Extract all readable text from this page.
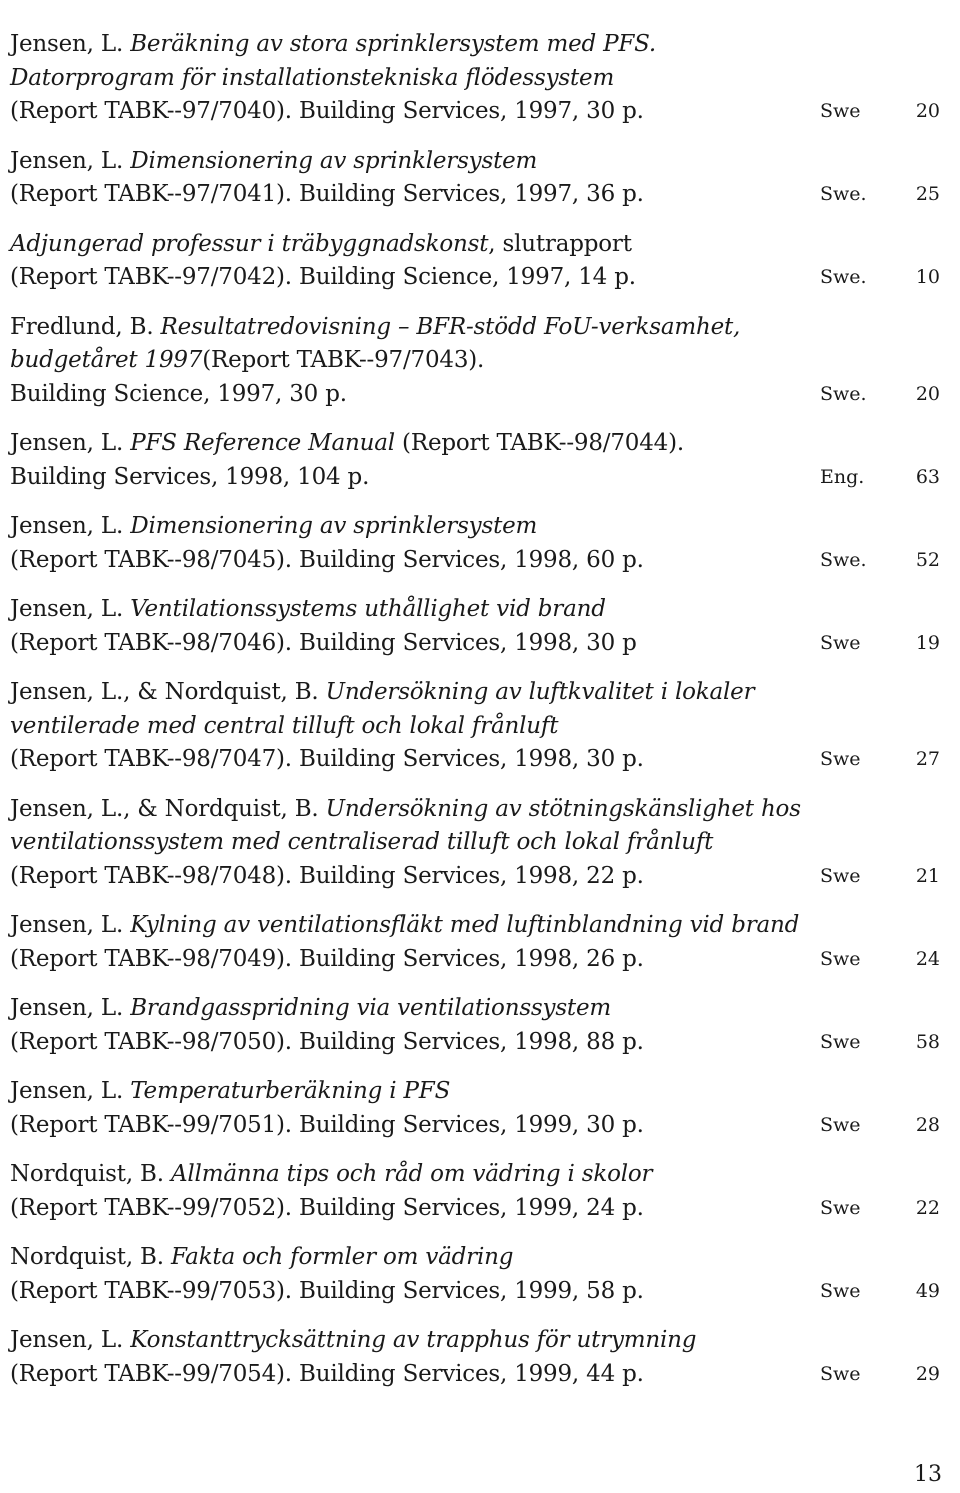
Jensen, L. Beräkning av stora sprinklersystem med PFS.
Datorprogram för installationstekniska flödessystem
(Report TABK--97/7040). Building Services, 1997, 30 p.	Swe	20
Jensen, L. Dimensionering av sprinklersystem
(Report TABK--97/7041). Building Services, 1997, 36 p.	Swe.	25
Adjungerad professur i träbyggnadskonst, slutrapport
(Report TABK--97/7042). Building Science, 1997, 14 p.	Swe.	10
Fredlund, B. Resultatredovisning – BFR-stödd FoU-verksamhet,
budgetåret 1997(Report TABK--97/7043).
Building Science, 1997, 30 p.	Swe.	20
Jensen, L. PFS Reference Manual (Report TABK--98/7044).
Building Services, 1998, 104 p.	Eng.	63
Jensen, L. Dimensionering av sprinklersystem
(Report TABK--98/7045). Building Services, 1998, 60 p.	Swe.	52
Jensen, L. Ventilationssystems uthållighet vid brand
(Report TABK--98/7046). Building Services, 1998, 30 p	Swe	19
Jensen, L., & Nordquist, B. Undersökning av luftkvalitet i lokaler
ventilerade med central tilluft och lokal frånluft
(Report TABK--98/7047). Building Services, 1998, 30 p.	Swe	27
Jensen, L., & Nordquist, B. Undersökning av stötningskänslighet hos
ventilationssystem med centraliserad tilluft och lokal frånluft
(Report TABK--98/7048). Building Services, 1998, 22 p.	Swe	21
Jensen, L. Kylning av ventilationsfläkt med luftinblandning vid brand
(Report TABK--98/7049). Building Services, 1998, 26 p.	Swe	24
Jensen, L. Brandgasspridning via ventilationssystem
(Report TABK--98/7050). Building Services, 1998, 88 p.	Swe	58
Jensen, L. Temperaturberäkning i PFS
(Report TABK--99/7051). Building Services, 1999, 30 p.	Swe	28
Nordquist, B. Allmänna tips och råd om vädring i skolor
(Report TABK--99/7052). Building Services, 1999, 24 p.	Swe	22
Nordquist, B. Fakta och formler om vädring
(Report TABK--99/7053). Building Services, 1999, 58 p.	Swe	49
Jensen, L. Konstanttrycksättning av trapphus för utrymning
(Report TABK--99/7054). Building Services, 1999, 44 p.	Swe	29
13
